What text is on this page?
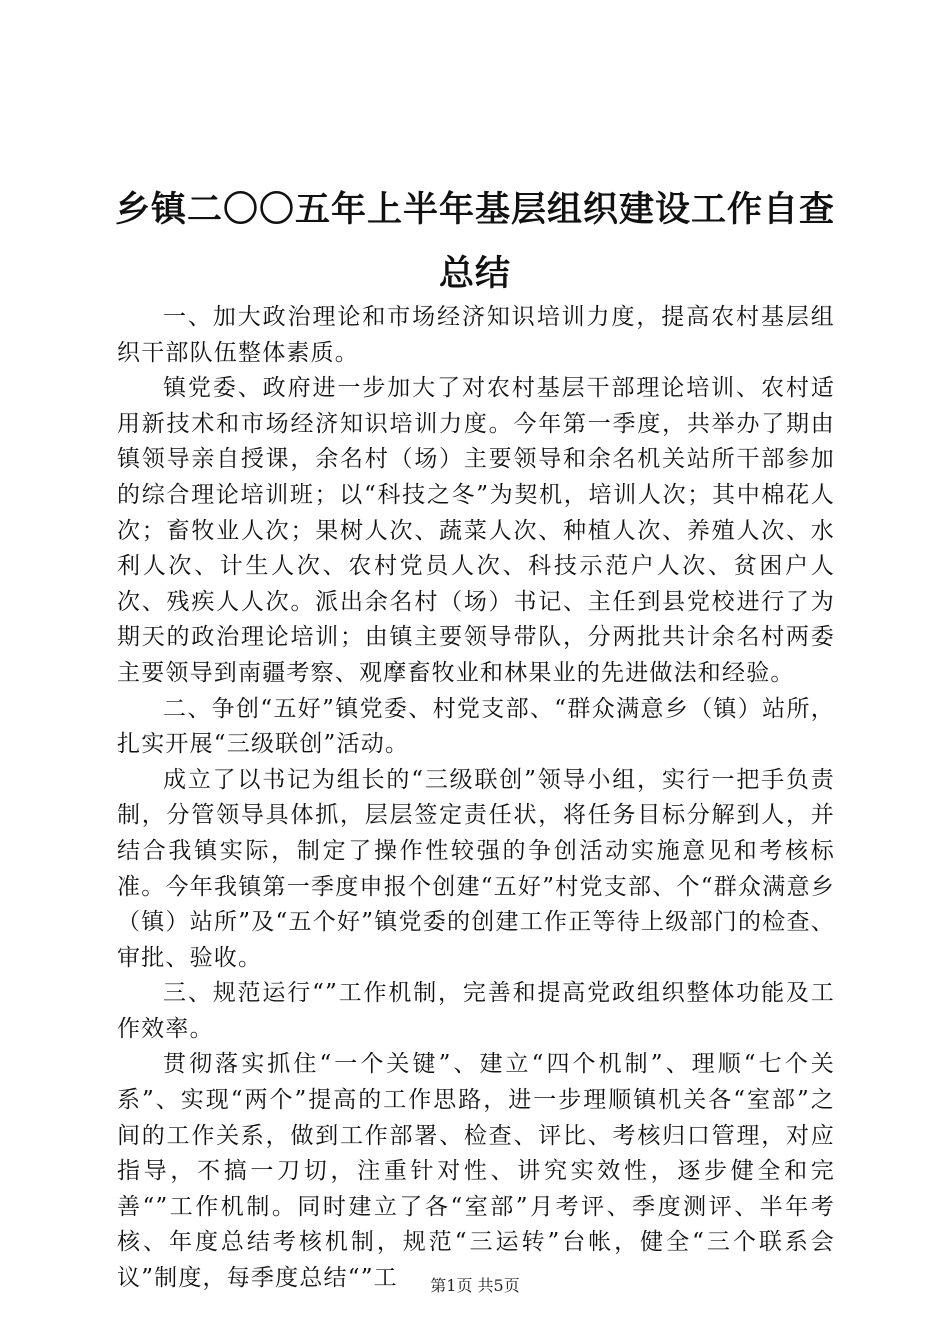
乡镇二〇〇五年上半年基层组织建设工作自查
总结

一、加大政治理论和市场经济知识培训力度，提高农村基层组织干部队伍整体素质。

镇党委、政府进一步加大了对农村基层干部理论培训、农村适用新技术和市场经济知识培训力度。今年第一季度，共举办了期由镇领导亲自授课，余名村（场）主要领导和余名机关站所干部参加的综合理论培训班；以“科技之冬”为契机，培训人次；其中棉花人次；畜牧业人次；果树人次、蔬菜人次、种植人次、养殖人次、水利人次、计生人次、农村党员人次、科技示范户人次、贫困户人次、残疾人人次。派出余名村（场）书记、主任到县党校进行了为期天的政治理论培训；由镇主要领导带队，分两批共计余名村两委主要领导到南疆考察、观摩畜牧业和林果业的先进做法和经验。

二、争创“五好”镇党委、村党支部、“群众满意乡（镇）站所，扎实开展“三级联创”活动。

成立了以书记为组长的“三级联创”领导小组，实行一把手负责制，分管领导具体抓，层层签定责任状，将任务目标分解到人，并结合我镇实际，制定了操作性较强的争创活动实施意见和考核标准。今年我镇第一季度申报个创建“五好”村党支部、个“群众满意乡（镇）站所”及“五个好”镇党委的创建工作正等待上级部门的检查、审批、验收。

三、规范运行“”工作机制，完善和提高党政组织整体功能及工作效率。

贯彻落实抓住“一个关键”、建立“四个机制”、理顺“七个关系”、实现“两个”提高的工作思路，进一步理顺镇机关各“室部”之间的工作关系，做到工作部署、检查、评比、考核归口管理，对应指导，不搞一刀切，注重针对性、讲究实效性，逐步健全和完善“”工作机制。同时建立了各“室部”月考评、季度测评、半年考核、年度总结考核机制，规范“三运转”台帐，健全“三个联系会议”制度，每季度总结“”工	第1页 共5页
